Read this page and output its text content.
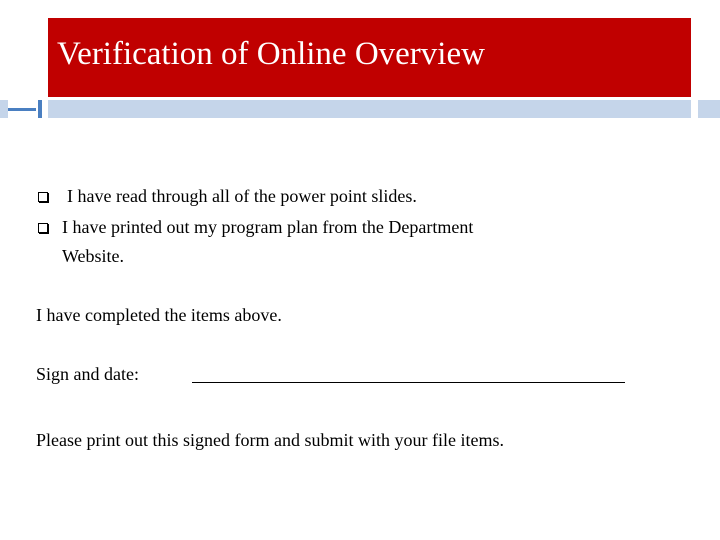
Verification of Online Overview
I have read through all of the power point slides.
I have printed out my program plan from the Department
Website.
I have completed the items above.
Sign and date:
Please print out this signed form and submit with your file items.
